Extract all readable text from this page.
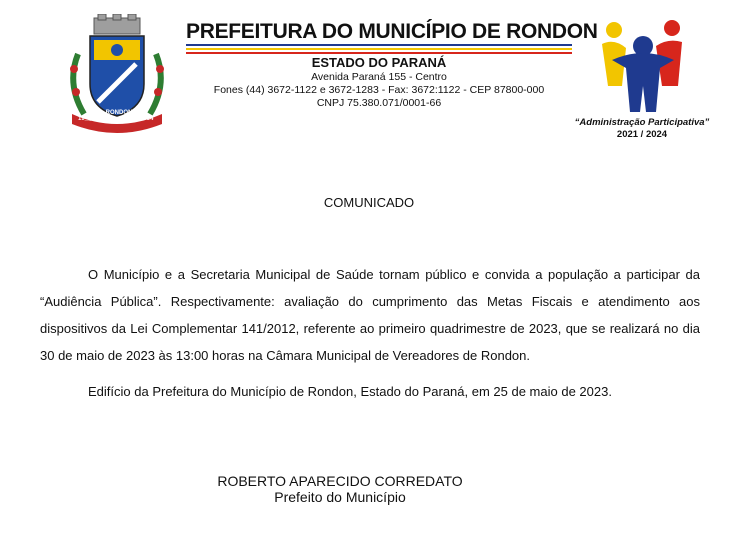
RONDON
19__	1954
PREFEITURA DO MUNICÍPIO DE RONDON
ESTADO DO PARANÁ
Avenida Paraná 155 - Centro
Fones (44) 3672-1122 e 3672-1283 - Fax: 3672:1122 - CEP 87800-000
CNPJ 75.380.071/0001-66
“Administração Participativa”
2021 / 2024
COMUNICADO

O Município e a Secretaria Municipal de Saúde tornam público e convida a população a participar da “Audiência Pública”. Respectivamente: avaliação do cumprimento das Metas Fiscais e atendimento aos dispositivos da Lei Complementar 141/2012, referente ao primeiro quadrimestre de 2023, que se realizará no dia 30 de maio de 2023 às 13:00 horas na Câmara Municipal de Vereadores de Rondon.

Edifício da Prefeitura do Município de Rondon, Estado do Paraná, em 25 de maio de 2023.
ROBERTO APARECIDO CORREDATO
Prefeito do Município
